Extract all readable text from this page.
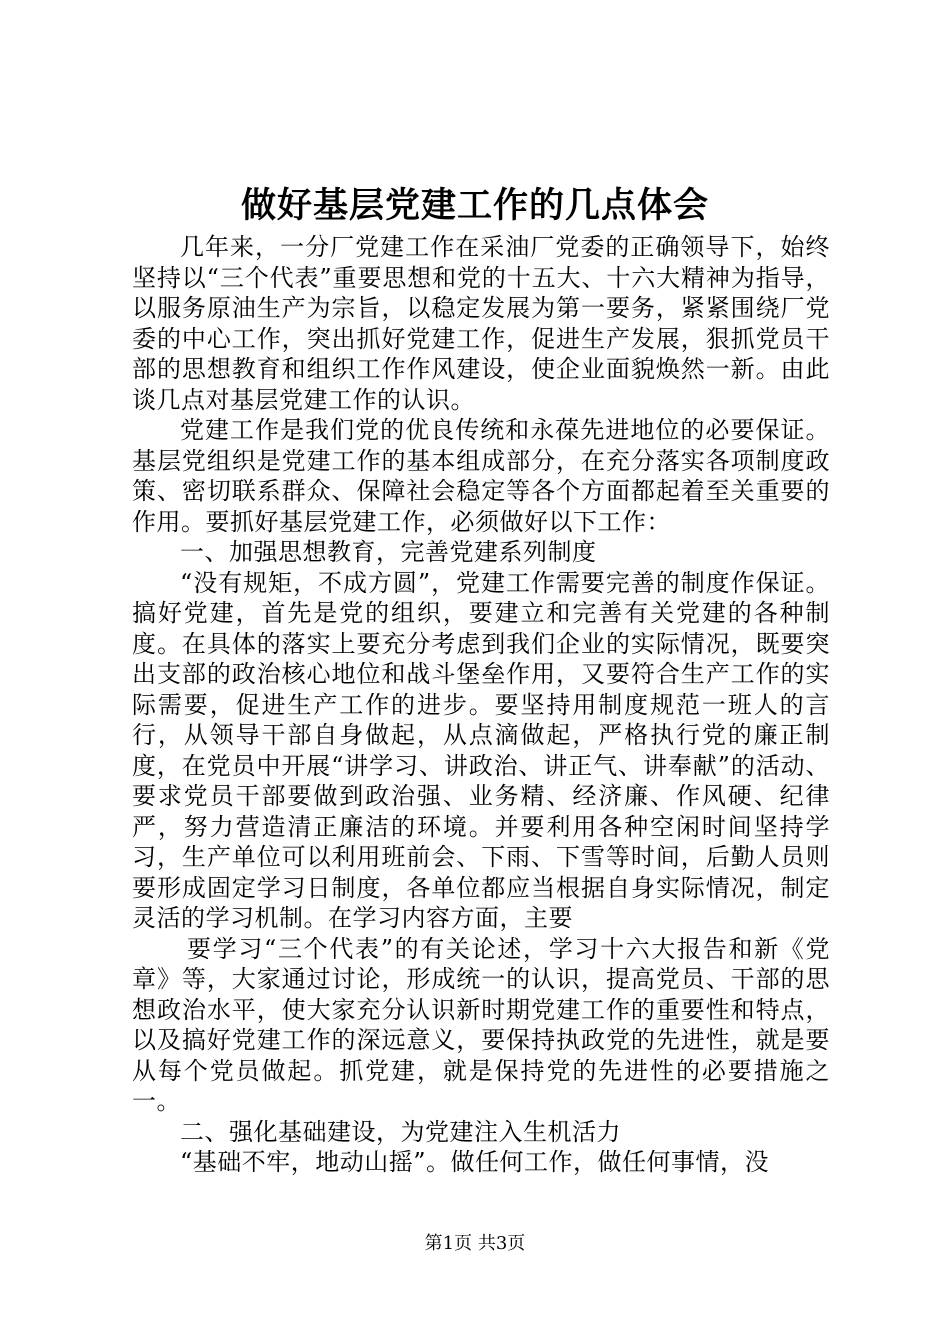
做好基层党建工作的几点体会

几年来，一分厂党建工作在采油厂党委的正确领导下，始终坚持以“三个代表”重要思想和党的十五大、十六大精神为指导，以服务原油生产为宗旨，以稳定发展为第一要务，紧紧围绕厂党委的中心工作，突出抓好党建工作，促进生产发展，狠抓党员干部的思想教育和组织工作作风建设，使企业面貌焕然一新。由此谈几点对基层党建工作的认识。

党建工作是我们党的优良传统和永葆先进地位的必要保证。基层党组织是党建工作的基本组成部分，在充分落实各项制度政策、密切联系群众、保障社会稳定等各个方面都起着至关重要的作用。要抓好基层党建工作，必须做好以下工作：

一、加强思想教育，完善党建系列制度

“没有规矩，不成方圆”，党建工作需要完善的制度作保证。搞好党建，首先是党的组织，要建立和完善有关党建的各种制度。在具体的落实上要充分考虑到我们企业的实际情况，既要突出支部的政治核心地位和战斗堡垒作用，又要符合生产工作的实际需要，促进生产工作的进步。要坚持用制度规范一班人的言行，从领导干部自身做起，从点滴做起，严格执行党的廉正制度，在党员中开展“讲学习、讲政治、讲正气、讲奉献”的活动、要求党员干部要做到政治强、业务精、经济廉、作风硬、纪律严，努力营造清正廉洁的环境。并要利用各种空闲时间坚持学习，生产单位可以利用班前会、下雨、下雪等时间，后勤人员则要形成固定学习日制度，各单位都应当根据自身实际情况，制定灵活的学习机制。在学习内容方面，主要

要学习“三个代表”的有关论述，学习十六大报告和新《党章》等，大家通过讨论，形成统一的认识，提高党员、干部的思想政治水平，使大家充分认识新时期党建工作的重要性和特点，以及搞好党建工作的深远意义，要保持执政党的先进性，就是要从每个党员做起。抓党建，就是保持党的先进性的必要措施之一。

二、强化基础建设，为党建注入生机活力

“基础不牢，地动山摇”。做任何工作，做任何事情，没

第1页 共3页
